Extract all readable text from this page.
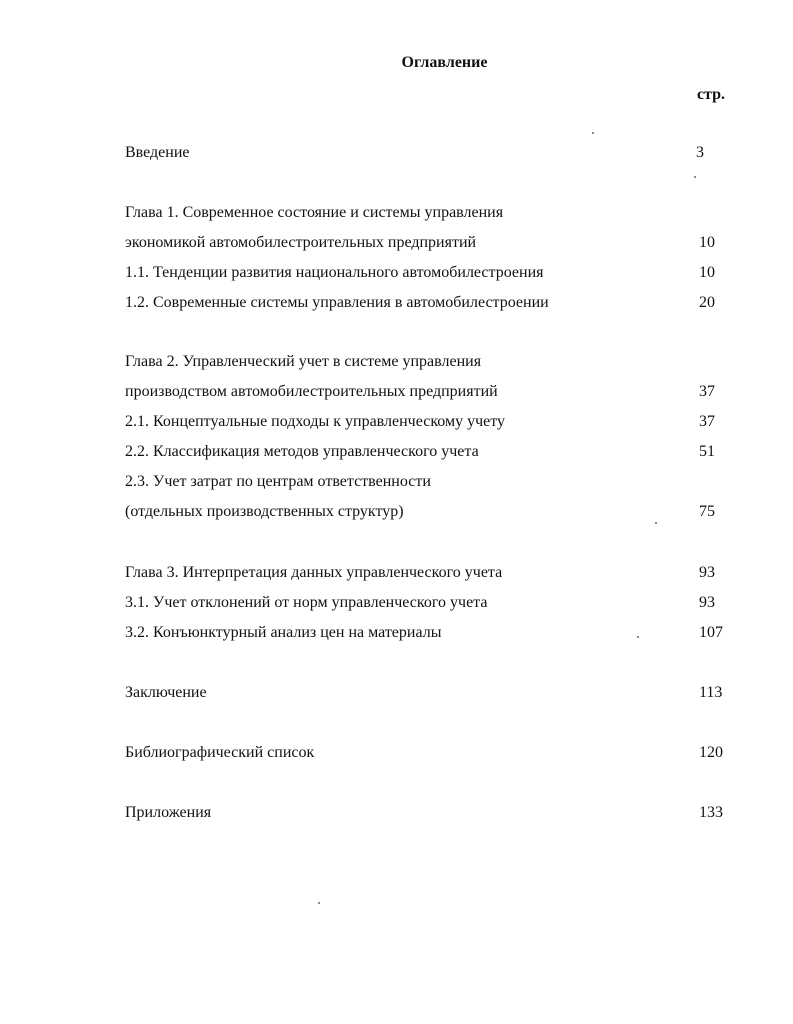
Оглавление
стр.
Введение	3
Глава 1. Современное состояние и системы управления
экономикой автомобилестроительных предприятий	10
1.1. Тенденции развития национального автомобилестроения	10
1.2. Современные системы управления в автомобилестроении	20
Глава 2. Управленческий учет в системе управления
производством автомобилестроительных предприятий	37
2.1. Концептуальные подходы к управленческому учету	37
2.2. Классификация методов управленческого учета	51
2.3. Учет затрат по центрам ответственности
(отдельных производственных структур)	75
Глава 3. Интерпретация данных управленческого учета	93
3.1. Учет отклонений от норм управленческого учета	93
3.2. Конъюнктурный анализ цен на материалы	107
Заключение	113
Библиографический список	120
Приложения	133
